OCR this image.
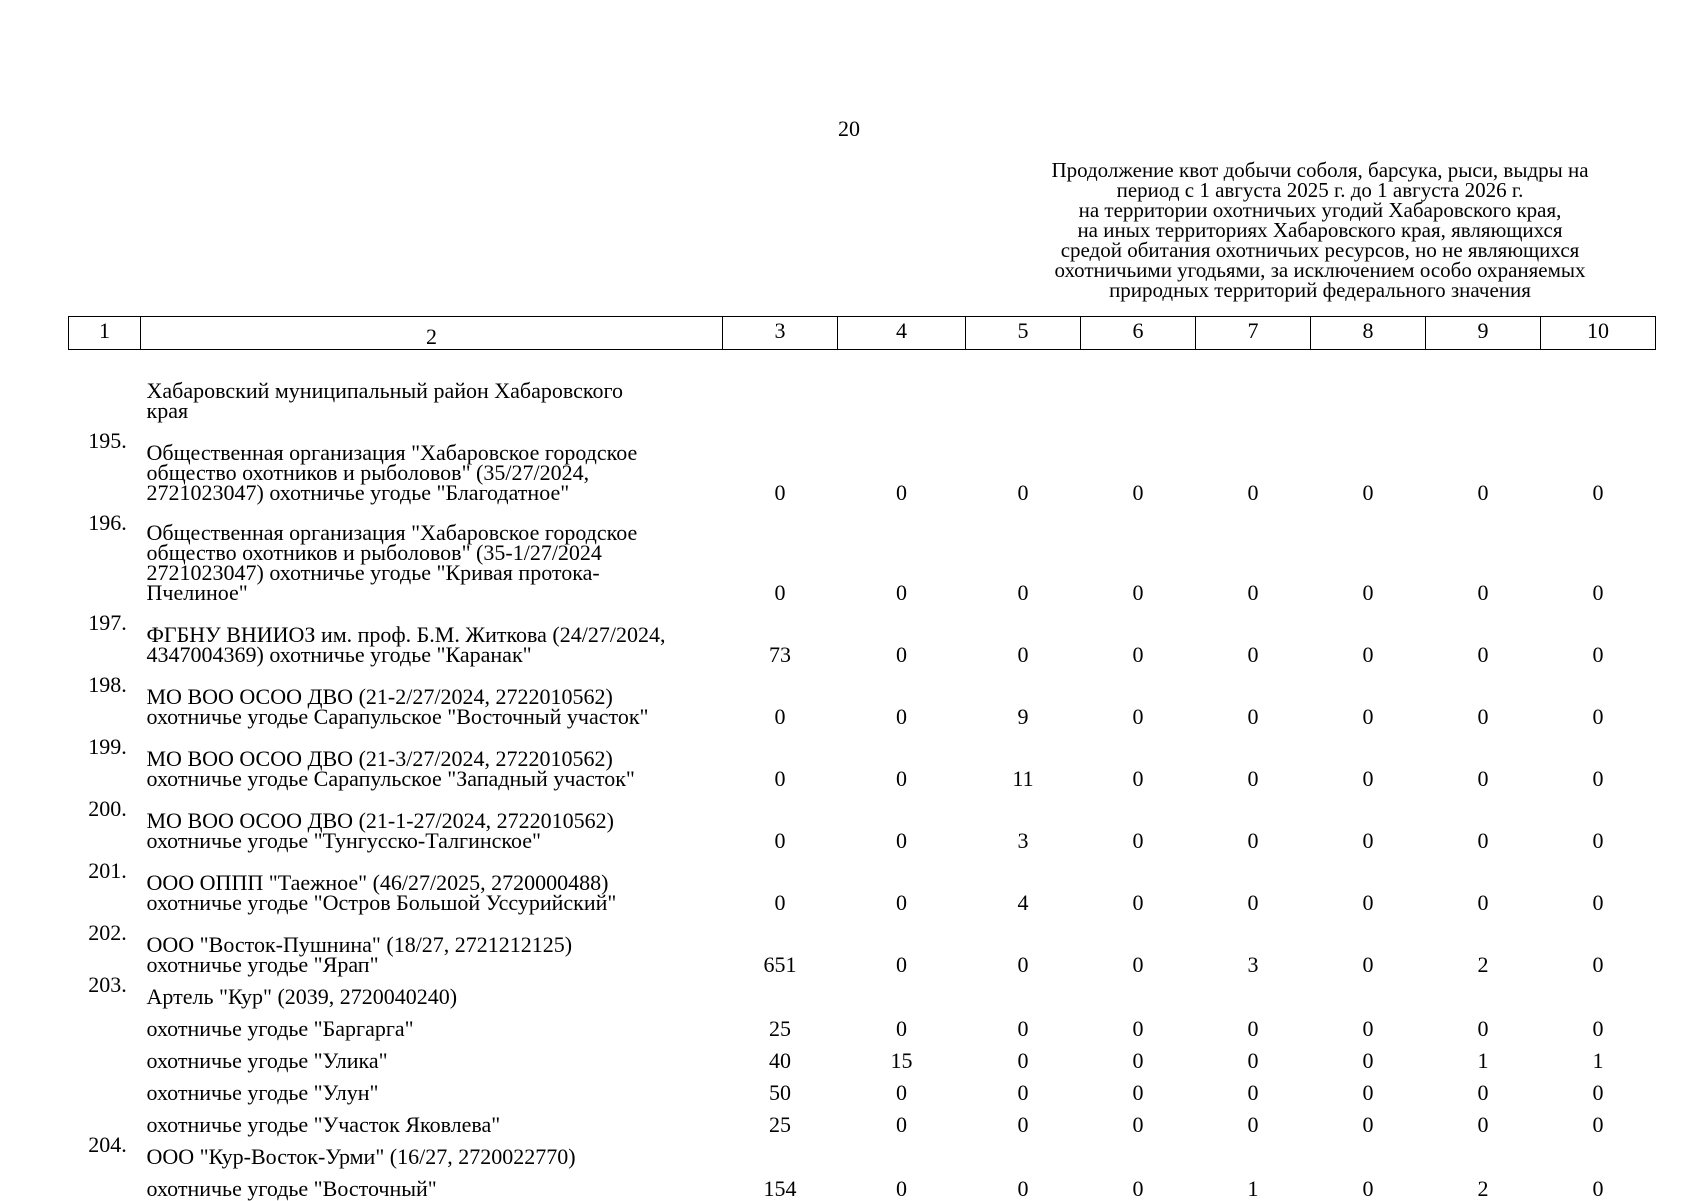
20
Продолжение квот добычи соболя, барсука, рыси, выдры на
период с 1 августа 2025 г. до 1 августа 2026 г.
на территории охотничьих угодий Хабаровского края,
на иных территориях Хабаровского края, являющихся
средой обитания охотничьих ресурсов, но не являющихся
охотничьими угодьями, за исключением особо охраняемых
природных территорий федерального значения
1	2	3	4	5	6	7	8	9	10

	Хабаровский муниципальный район Хабаровского
края								

195.	Общественная организация "Хабаровское городское
общество охотников и рыболовов" (35/27/2024,
2721023047) охотничье угодье "Благодатное"	0	0	0	0	0	0	0	0
196.	Общественная организация "Хабаровское городское
общество охотников и рыболовов" (35-1/27/2024
2721023047) охотничье угодье "Кривая протока-
Пчелиное"	0	0	0	0	0	0	0	0
197.	ФГБНУ ВНИИОЗ им. проф. Б.М. Житкова (24/27/2024,
4347004369) охотничье угодье "Каранак"	73	0	0	0	0	0	0	0
198.	МО ВОО ОСОО ДВО (21-2/27/2024, 2722010562)
охотничье угодье Сарапульское "Восточный участок"	0	0	9	0	0	0	0	0
199.	МО ВОО ОСОО ДВО (21-3/27/2024, 2722010562)
охотничье угодье Сарапульское "Западный участок"	0	0	11	0	0	0	0	0
200.	МО ВОО ОСОО ДВО (21-1-27/2024, 2722010562)
охотничье угодье "Тунгусско-Талгинское"	0	0	3	0	0	0	0	0
201.	ООО ОППП "Таежное" (46/27/2025, 2720000488)
охотничье угодье "Остров Большой Уссурийский"	0	0	4	0	0	0	0	0
202.	ООО "Восток-Пушнина" (18/27, 2721212125)
охотничье угодье "Ярап"	651	0	0	0	3	0	2	0
203.	Артель "Кур" (2039, 2720040240)								

	охотничье угодье "Баргарга"	25	0	0	0	0	0	0	0

	охотничье угодье "Улика"	40	15	0	0	0	0	1	1

	охотничье угодье "Улун"	50	0	0	0	0	0	0	0

	охотничье угодье "Участок Яковлева"	25	0	0	0	0	0	0	0
204.	ООО "Кур-Восток-Урми" (16/27, 2720022770)								

	охотничье угодье "Восточный"	154	0	0	0	1	0	2	0
